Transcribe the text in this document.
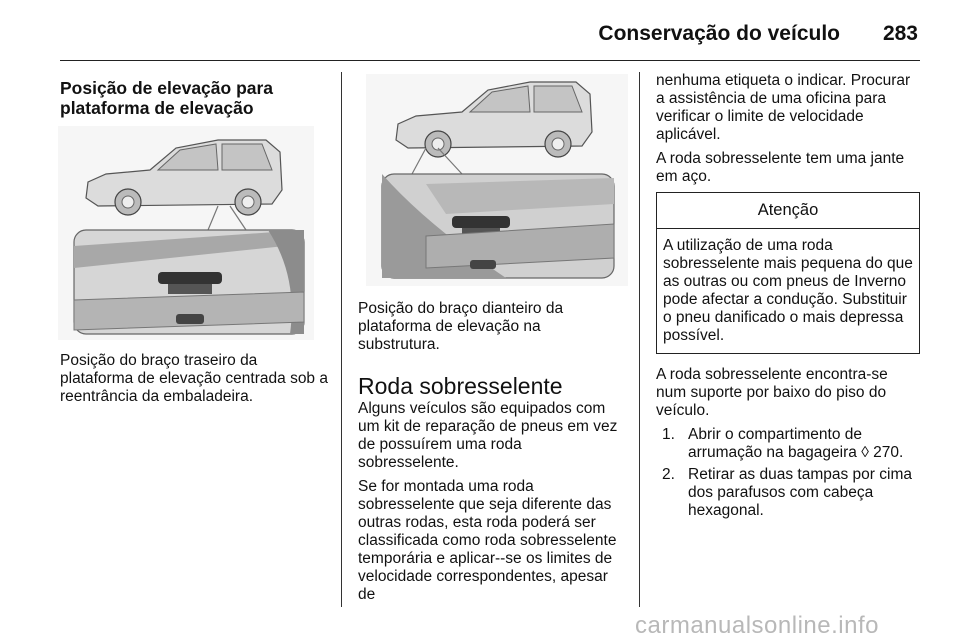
Conservação do veículo 283
Posição de elevação para plataforma de elevação

Posição do braço traseiro da plataforma de elevação centrada sob a reentrância da embaladeira.

Posição do braço dianteiro da plataforma de elevação na substrutura.

Roda sobresselente

Alguns veículos são equipados com um kit de reparação de pneus em vez de possuírem uma roda sobresselente.

Se for montada uma roda sobresselente que seja diferente das outras rodas, esta roda poderá ser classificada como roda sobresselente temporária e aplicar--se os limites de velocidade correspondentes, apesar de

nenhuma etiqueta o indicar. Procurar a assistência de uma oficina para verificar o limite de velocidade aplicável.

A roda sobresselente tem uma jante em aço.

Atenção
A utilização de uma roda sobresselente mais pequena do que as outras ou com pneus de Inverno pode afectar a condução. Substituir o pneu danificado o mais depressa possível.

A roda sobresselente encontra-se num suporte por baixo do piso do veículo.

1. Abrir o compartimento de arrumação na bagageira ◊ 270.
2. Retirar as duas tampas por cima dos parafusos com cabeça hexagonal.
carmanualsonline.info
